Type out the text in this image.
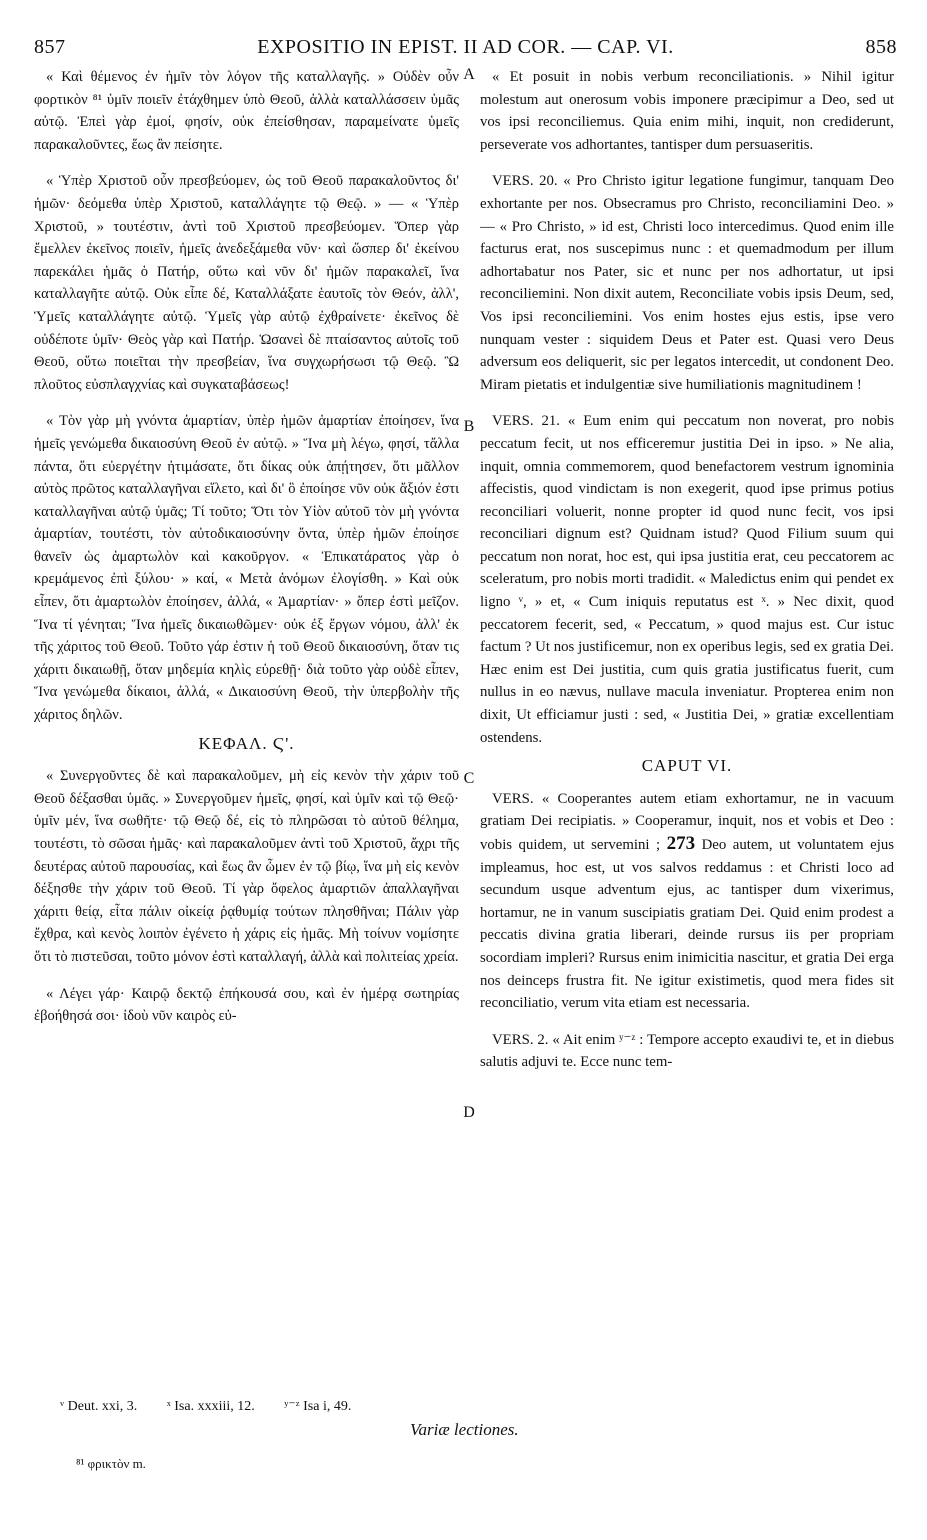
857	EXPOSITIO IN EPIST. II AD COR. — CAP. VI.	858

« Καὶ θέμενος ἐν ἡμῖν τὸν λόγον τῆς καταλλαγῆς. » Οὐδὲν οὖν φορτικὸν ⁸¹ ὑμῖν ποιεῖν ἐτάχθημεν ὑπὸ Θεοῦ, ἀλλὰ καταλλάσσειν ὑμᾶς αὐτῷ. Ἐπεὶ γὰρ ἐμοί, φησίν, οὐκ ἐπείσθησαν, παραμείνατε ὑμεῖς παρακαλοῦντες, ἕως ἂν πείσητε.

« Ὑπὲρ Χριστοῦ οὖν πρεσβεύομεν, ὡς τοῦ Θεοῦ παρακαλοῦντος δι' ἡμῶν· δεόμεθα ὑπὲρ Χριστοῦ, καταλλάγητε τῷ Θεῷ. » — « Ὑπὲρ Χριστοῦ, » τουτέστιν, ἀντὶ τοῦ Χριστοῦ πρεσβεύομεν. Ὅπερ γὰρ ἔμελλεν ἐκεῖνος ποιεῖν, ἡμεῖς ἀνεδεξάμεθα νῦν· καὶ ὥσπερ δι' ἐκείνου παρεκάλει ἡμᾶς ὁ Πατήρ, οὕτω καὶ νῦν δι' ἡμῶν παρακαλεῖ, ἵνα καταλλαγῆτε αὐτῷ. Οὐκ εἶπε δέ, Καταλλάξατε ἑαυτοῖς τὸν Θεόν, ἀλλ', Ὑμεῖς καταλλάγητε αὐτῷ. Ὑμεῖς γὰρ αὐτῷ ἐχθραίνετε· ἐκεῖνος δὲ οὐδέποτε ὑμῖν· Θεὸς γὰρ καὶ Πατήρ. Ὡσανεὶ δὲ πταίσαντος αὐτοῖς τοῦ Θεοῦ, οὕτω ποιεῖται τὴν πρεσβείαν, ἵνα συγχωρήσωσι τῷ Θεῷ. Ὢ πλοῦτος εὐσπλαγχνίας καὶ συγκαταβάσεως!

« Τὸν γὰρ μὴ γνόντα ἁμαρτίαν, ὑπὲρ ἡμῶν ἁμαρτίαν ἐποίησεν, ἵνα ἡμεῖς γενώμεθα δικαιοσύνη Θεοῦ ἐν αὐτῷ. » Ἵνα μὴ λέγω, φησί, τἄλλα πάντα, ὅτι εὐεργέτην ἠτιμάσατε, ὅτι δίκας οὐκ ἀπῄτησεν, ὅτι μᾶλλον αὐτὸς πρῶτος καταλλαγῆναι εἵλετο, καὶ δι' ὃ ἐποίησε νῦν οὐκ ἄξιόν ἐστι καταλλαγῆναι αὐτῷ ὑμᾶς; Τί τοῦτο; Ὅτι τὸν Υἱὸν αὐτοῦ τὸν μὴ γνόντα ἁμαρτίαν, τουτέστι, τὸν αὐτοδικαιοσύνην ὄντα, ὑπὲρ ἡμῶν ἐποίησε θανεῖν ὡς ἁμαρτωλὸν καὶ κακοῦργον. « Ἐπικατάρατος γὰρ ὁ κρεμάμενος ἐπὶ ξύλου· » καί, « Μετὰ ἀνόμων ἐλογίσθη. » Καὶ οὐκ εἶπεν, ὅτι ἁμαρτωλὸν ἐποίησεν, ἀλλά, « Ἁμαρτίαν· » ὅπερ ἐστὶ μεῖζον. Ἵνα τί γένηται; Ἵνα ἡμεῖς δικαιωθῶμεν· οὐκ ἐξ ἔργων νόμου, ἀλλ' ἐκ τῆς χάριτος τοῦ Θεοῦ. Τοῦτο γάρ ἐστιν ἡ τοῦ Θεοῦ δικαιοσύνη, ὅταν τις χάριτι δικαιωθῇ, ὅταν μηδεμία κηλὶς εὑρεθῇ· διὰ τοῦτο γὰρ οὐδὲ εἶπεν, Ἵνα γενώμεθα δίκαιοι, ἀλλά, « Δικαιοσύνη Θεοῦ, τὴν ὑπερβολὴν τῆς χάριτος δηλῶν.

ΚΕΦΑΛ. Ϛ'.

« Συνεργοῦντες δὲ καὶ παρακαλοῦμεν, μὴ εἰς κενὸν τὴν χάριν τοῦ Θεοῦ δέξασθαι ὑμᾶς. » Συνεργοῦμεν ἡμεῖς, φησί, καὶ ὑμῖν καὶ τῷ Θεῷ· ὑμῖν μέν, ἵνα σωθῆτε· τῷ Θεῷ δέ, εἰς τὸ πληρῶσαι τὸ αὐτοῦ θέλημα, τουτέστι, τὸ σῶσαι ἡμᾶς· καὶ παρακαλοῦμεν ἀντὶ τοῦ Χριστοῦ, ἄχρι τῆς δευτέρας αὐτοῦ παρουσίας, καὶ ἕως ἂν ὦμεν ἐν τῷ βίῳ, ἵνα μὴ εἰς κενὸν δέξησθε τὴν χάριν τοῦ Θεοῦ. Τί γὰρ ὄφελος ἁμαρτιῶν ἀπαλλαγῆναι χάριτι θείᾳ, εἶτα πάλιν οἰκείᾳ ῥᾳθυμίᾳ τούτων πλησθῆναι; Πάλιν γὰρ ἔχθρα, καὶ κενὸς λοιπὸν ἐγένετο ἡ χάρις εἰς ἡμᾶς. Μὴ τοίνυν νομίσητε ὅτι τὸ πιστεῦσαι, τοῦτο μόνον ἐστὶ καταλλαγή, ἀλλὰ καὶ πολιτείας χρεία.

« Λέγει γάρ· Καιρῷ δεκτῷ ἐπήκουσά σου, καὶ ἐν ἡμέρᾳ σωτηρίας ἐβοήθησά σοι· ἰδοὺ νῦν καιρὸς εὐ-

A
B
C
D

« Et posuit in nobis verbum reconciliationis. » Nihil igitur molestum aut onerosum vobis imponere præcipimur a Deo, sed ut vos ipsi reconciliemus. Quia enim mihi, inquit, non crediderunt, perseverate vos adhortantes, tantisper dum persuaseritis.

VERS. 20. « Pro Christo igitur legatione fungimur, tanquam Deo exhortante per nos. Obsecramus pro Christo, reconciliamini Deo. » — « Pro Christo, » id est, Christi loco intercedimus. Quod enim ille facturus erat, nos suscepimus nunc : et quemadmodum per illum adhortabatur nos Pater, sic et nunc per nos adhortatur, ut ipsi reconciliemini. Non dixit autem, Reconciliate vobis ipsis Deum, sed, Vos ipsi reconciliemini. Vos enim hostes ejus estis, ipse vero nunquam vester : siquidem Deus et Pater est. Quasi vero Deus adversum eos deliquerit, sic per legatos intercedit, ut condonent Deo. Miram pietatis et indulgentiæ sive humiliationis magnitudinem !

VERS. 21. « Eum enim qui peccatum non noverat, pro nobis peccatum fecit, ut nos efficeremur justitia Dei in ipso. » Ne alia, inquit, omnia commemorem, quod benefactorem vestrum ignominia affecistis, quod vindictam is non exegerit, quod ipse primus potius reconciliari voluerit, nonne propter id quod nunc fecit, vos ipsi reconciliari dignum est? Quidnam istud? Quod Filium suum qui peccatum non norat, hoc est, qui ipsa justitia erat, ceu peccatorem ac sceleratum, pro nobis morti tradidit. « Maledictus enim qui pendet ex ligno ᵛ, » et, « Cum iniquis reputatus est ˣ. » Nec dixit, quod peccatorem fecerit, sed, « Peccatum, » quod majus est. Cur istuc factum ? Ut nos justificemur, non ex operibus legis, sed ex gratia Dei. Hæc enim est Dei justitia, cum quis gratia justificatus fuerit, cum nullus in eo nævus, nullave macula inveniatur. Propterea enim non dixit, Ut efficiamur justi : sed, « Justitia Dei, » gratiæ excellentiam ostendens.

CAPUT VI.

VERS. « Cooperantes autem etiam exhortamur, ne in vacuum gratiam Dei recipiatis. » Cooperamur, inquit, nos et vobis et Deo : vobis quidem, ut servemini ; 273 Deo autem, ut voluntatem ejus impleamus, hoc est, ut vos salvos reddamus : et Christi loco ad secundum usque adventum ejus, ac tantisper dum vixerimus, hortamur, ne in vanum suscipiatis gratiam Dei. Quid enim prodest a peccatis divina gratia liberari, deinde rursus iis per propriam socordiam impleri? Rursus enim inimicitia nascitur, et gratia Dei erga nos deinceps frustra fit. Ne igitur existimetis, quod mera fides sit reconciliatio, verum vita etiam est necessaria.

VERS. 2. « Ait enim ʸ⁻ᶻ : Tempore accepto exaudivi te, et in diebus salutis adjuvi te. Ecce nunc tem-

ᵛ Deut. xxi, 3. ˣ Isa. xxxiii, 12. ʸ⁻ᶻ Isa i, 49.
Variæ lectiones.
⁸¹ φρικτὸν m.
